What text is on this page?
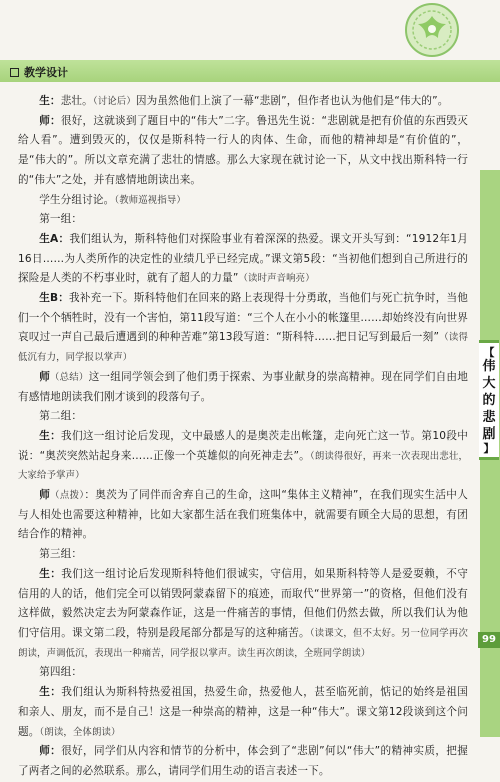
教学设计
【
伟
大
的
悲
剧
】
99

生：悲壮。（讨论后）因为虽然他们上演了一幕“悲剧”，但作者也认为他们是“伟大的”。

师：很好，这就谈到了题目中的“伟大”二字。鲁迅先生说：“悲剧就是把有价值的东西毁灭给人看”。遭到毁灭的，仅仅是斯科特一行人的肉体、生命，而他的精神却是“有价值的”，是“伟大的”。所以文章充满了悲壮的情感。那么大家现在就讨论一下，从文中找出斯科特一行的“伟大”之处，并有感情地朗读出来。

学生分组讨论。（教师巡视指导）

第一组：

生A：我们组认为，斯科特他们对探险事业有着深深的热爱。课文开头写到：“1912年1月16日……为人类所作的决定性的业绩几乎已经完成。”课文第5段：“当初他们想到自己所进行的探险是人类的不朽事业时，就有了超人的力量”（读时声音响亮）

生B：我补充一下。斯科特他们在回来的路上表现得十分勇敢，当他们与死亡抗争时，当他们一个个牺牲时，没有一个害怕，第11段写道：“三个人在小小的帐篷里……却始终没有向世界哀叹过一声自己最后遭遇到的种种苦难”第13段写道：“斯科特……把日记写到最后一刻”（读得低沉有力，同学报以掌声）

师（总结）这一组同学领会到了他们勇于探索、为事业献身的崇高精神。现在同学们自由地有感情地朗读我们刚才谈到的段落句子。

第二组：

生：我们这一组讨论后发现，文中最感人的是奥茨走出帐篷，走向死亡这一节。第10段中说：“奥茨突然站起身来……正像一个英雄似的向死神走去”。（朗读得很好，再来一次表现出悲壮，大家给予掌声）

师（点拨）：奥茨为了同伴而舍弃自己的生命，这叫“集体主义精神”，在我们现实生活中人与人相处也需要这种精神，比如大家都生活在我们班集体中，就需要有顾全大局的思想，有团结合作的精神。

第三组：

生：我们这一组讨论后发现斯科特他们很诚实，守信用，如果斯科特等人是爱耍赖，不守信用的人的话，他们完全可以销毁阿蒙森留下的痕迹，而取代“世界第一”的资格，但他们没有这样做，毅然决定去为阿蒙森作证，这是一件痛苦的事情，但他们仍然去做，所以我们认为他们守信用。课文第二段，特别是段尾部分都是写的这种痛苦。（读课文，但不太好。另一位同学再次朗读，声调低沉，表现出一种痛苦，同学报以掌声。读生再次朗读，全班同学朗读）

第四组：

生：我们组认为斯科特热爱祖国，热爱生命，热爱他人，甚至临死前，惦记的始终是祖国和亲人、朋友，而不是自己！这是一种崇高的精神，这是一种“伟大”。课文第12段谈到这个问题。（朗读，全体朗读）

师：很好，同学们从内容和情节的分析中，体会到了“悲剧”何以“伟大”的精神实质，把握了两者之间的必然联系。那么，请同学们用生动的语言表述一下。
